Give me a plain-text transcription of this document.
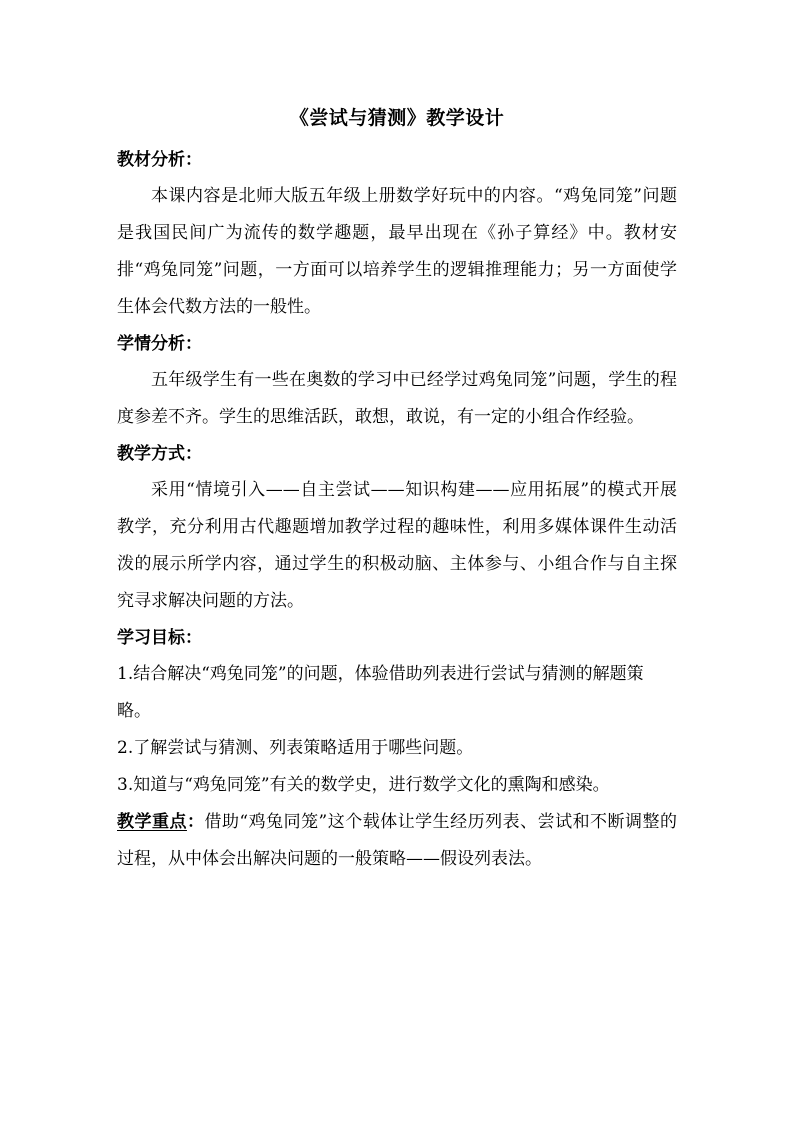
《尝试与猜测》教学设计

教材分析：

本课内容是北师大版五年级上册数学好玩中的内容。“鸡兔同笼”问题是我国民间广为流传的数学趣题，最早出现在《孙子算经》中。教材安排“鸡兔同笼”问题，一方面可以培养学生的逻辑推理能力；另一方面使学生体会代数方法的一般性。

学情分析：

五年级学生有一些在奥数的学习中已经学过鸡兔同笼”问题，学生的程度参差不齐。学生的思维活跃，敢想，敢说，有一定的小组合作经验。

教学方式：

采用“情境引入——自主尝试——知识构建——应用拓展”的模式开展教学，充分利用古代趣题增加教学过程的趣味性，利用多媒体课件生动活泼的展示所学内容，通过学生的积极动脑、主体参与、小组合作与自主探究寻求解决问题的方法。

学习目标：

1.结合解决“鸡兔同笼”的问题，体验借助列表进行尝试与猜测的解题策略。

2.了解尝试与猜测、列表策略适用于哪些问题。

3.知道与“鸡兔同笼”有关的数学史，进行数学文化的熏陶和感染。

教学重点：借助“鸡兔同笼”这个载体让学生经历列表、尝试和不断调整的过程，从中体会出解决问题的一般策略——假设列表法。
